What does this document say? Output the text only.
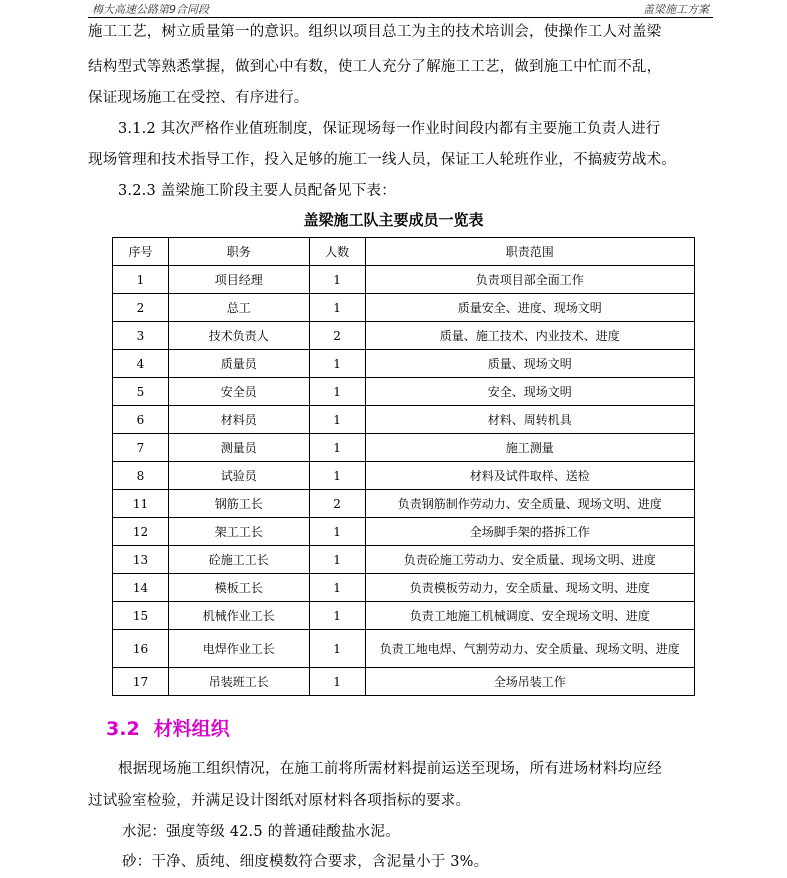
梅大高速公路第9合同段	盖梁施工方案
施工工艺，树立质量第一的意识。组织以项目总工为主的技术培训会，使操作工人对盖梁
结构型式等熟悉掌握，做到心中有数，使工人充分了解施工工艺，做到施工中忙而不乱，
保证现场施工在受控、有序进行。
3.1.2 其次严格作业值班制度，保证现场每一作业时间段内都有主要施工负责人进行
现场管理和技术指导工作，投入足够的施工一线人员，保证工人轮班作业，不搞疲劳战术。
3.2.3 盖梁施工阶段主要人员配备见下表：
盖梁施工队主要成员一览表
序号	职务	人数	职责范围
1	项目经理	1	负责项目部全面工作
2	总工	1	质量安全、进度、现场文明
3	技术负责人	2	质量、施工技术、内业技术、进度
4	质量员	1	质量、现场文明
5	安全员	1	安全、现场文明
6	材料员	1	材料、周转机具
7	测量员	1	施工测量
8	试验员	1	材料及试件取样、送检
11	钢筋工长	2	负责钢筋制作劳动力、安全质量、现场文明、进度
12	架工工长	1	全场脚手架的搭拆工作
13	砼施工工长	1	负责砼施工劳动力、安全质量、现场文明、进度
14	模板工长	1	负责模板劳动力，安全质量、现场文明、进度
15	机械作业工长	1	负责工地施工机械调度、安全现场文明、进度
16	电焊作业工长	1	负责工地电焊、气割劳动力、安全质量、现场文明、进度
17	吊装班工长	1	全场吊装工作
3.2 材料组织
根据现场施工组织情况，在施工前将所需材料提前运送至现场，所有进场材料均应经
过试验室检验，并满足设计图纸对原材料各项指标的要求。
水泥：强度等级 42.5 的普通硅酸盐水泥。
砂：干净、质纯、细度模数符合要求，含泥量小于 3%。
